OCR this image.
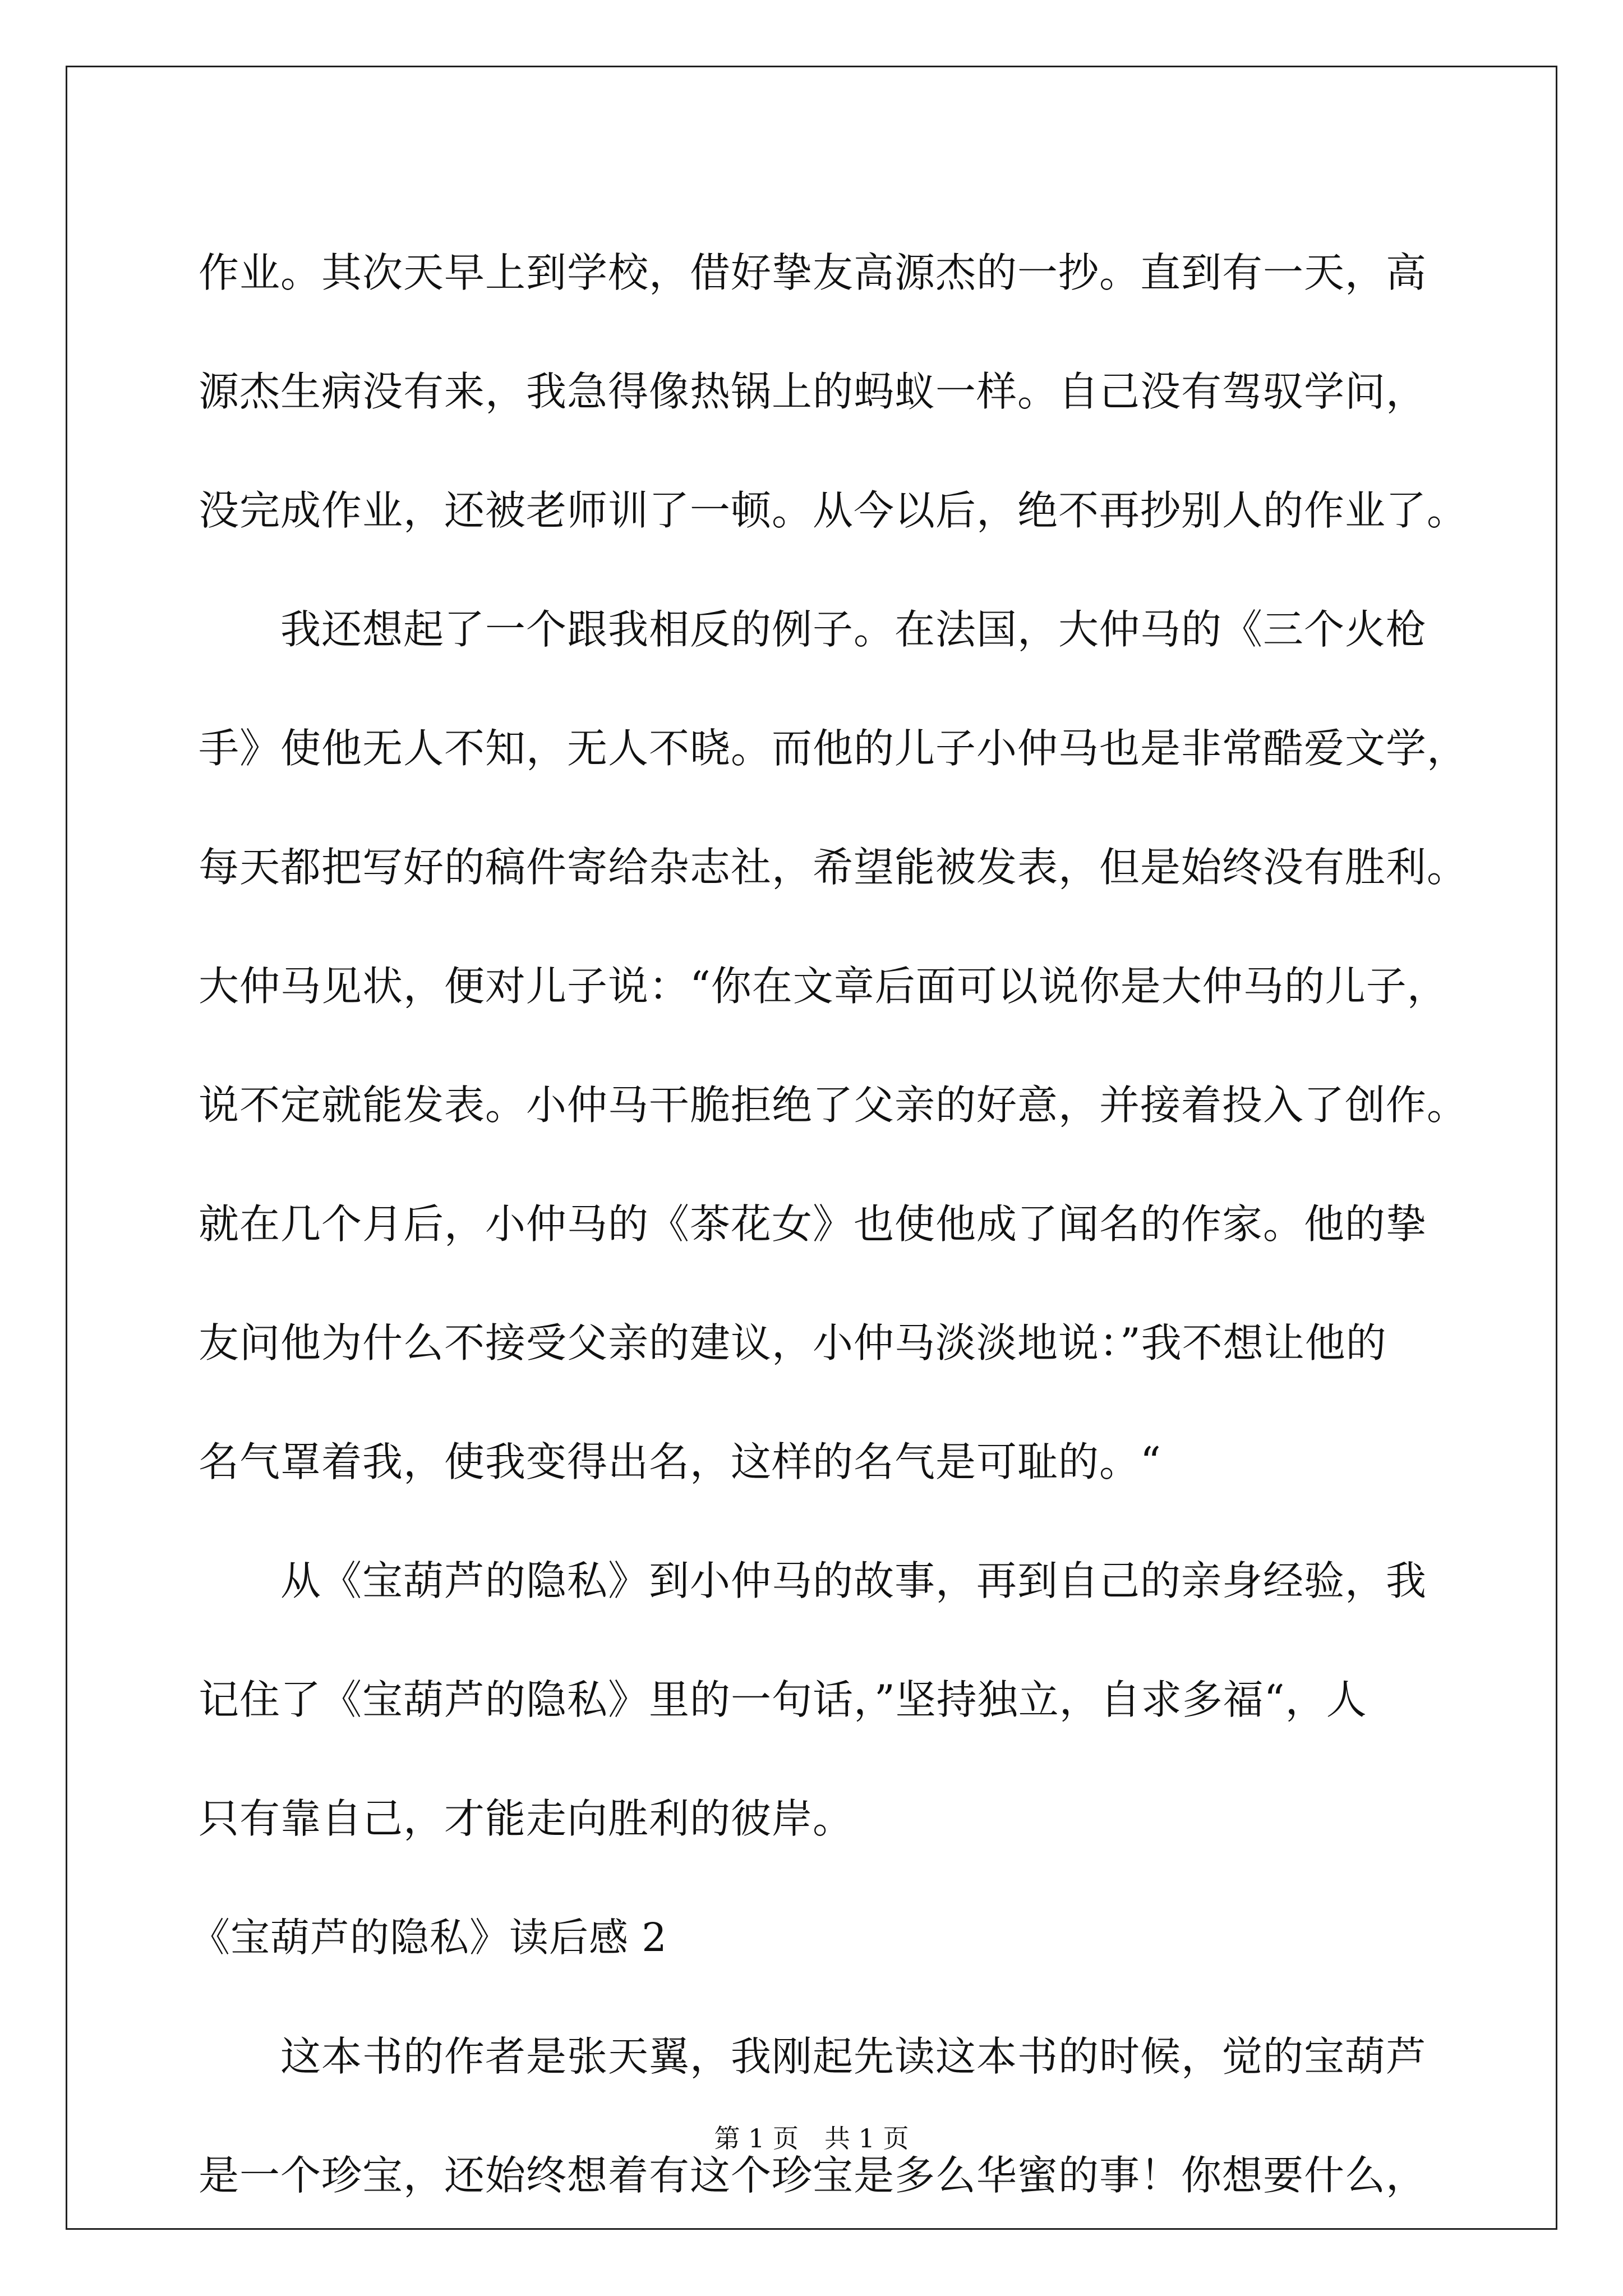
作业。其次天早上到学校，借好挚友高源杰的一抄。直到有一天，高
源杰生病没有来，我急得像热锅上的蚂蚁一样。自己没有驾驭学问，
没完成作业，还被老师训了一顿。从今以后，绝不再抄别人的作业了。
我还想起了一个跟我相反的例子。在法国，大仲马的《三个火枪
手》使他无人不知，无人不晓。而他的儿子小仲马也是非常酷爱文学，
每天都把写好的稿件寄给杂志社，希望能被发表，但是始终没有胜利。
大仲马见状，便对儿子说：“你在文章后面可以说你是大仲马的儿子，
说不定就能发表。小仲马干脆拒绝了父亲的好意，并接着投入了创作。
就在几个月后，小仲马的《茶花女》也使他成了闻名的作家。他的挚
友问他为什么不接受父亲的建议，小仲马淡淡地说：”我不想让他的
名气罩着我，使我变得出名，这样的名气是可耻的。“
从《宝葫芦的隐私》到小仲马的故事，再到自己的亲身经验，我
记住了《宝葫芦的隐私》里的一句话，”坚持独立，自求多福“，人
只有靠自己，才能走向胜利的彼岸。
《宝葫芦的隐私》读后感 2
这本书的作者是张天翼，我刚起先读这本书的时候，觉的宝葫芦
是一个珍宝，还始终想着有这个珍宝是多么华蜜的事！你想要什么，
第 1 页　共 1 页
